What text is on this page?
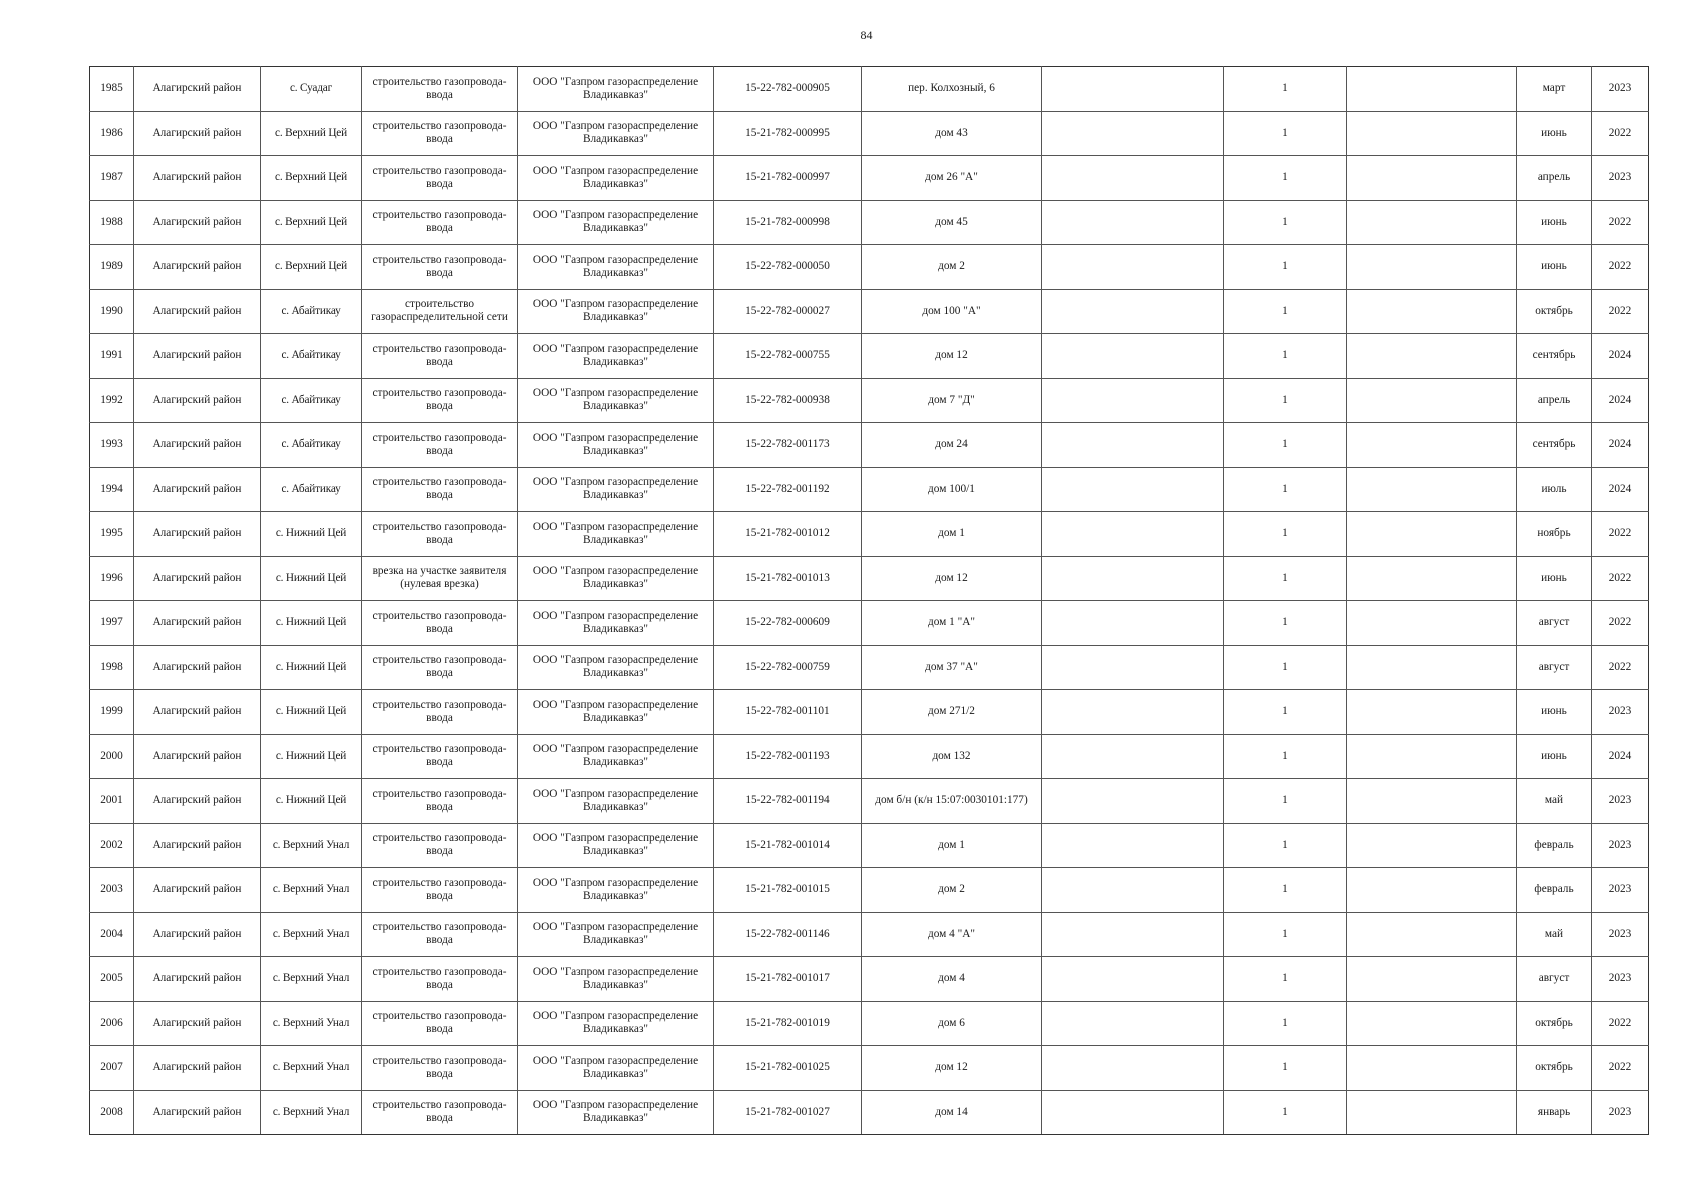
84
1985	Алагирский район	с. Суадаг	строительство газопровода-ввода	ООО "Газпром газораспределение Владикавказ"	15-22-782-000905	пер. Колхозный, 6		1		март	2023
1986	Алагирский район	с. Верхний Цей	строительство газопровода-ввода	ООО "Газпром газораспределение Владикавказ"	15-21-782-000995	дом 43		1		июнь	2022
1987	Алагирский район	с. Верхний Цей	строительство газопровода-ввода	ООО "Газпром газораспределение Владикавказ"	15-21-782-000997	дом 26 "А"		1		апрель	2023
1988	Алагирский район	с. Верхний Цей	строительство газопровода-ввода	ООО "Газпром газораспределение Владикавказ"	15-21-782-000998	дом 45		1		июнь	2022
1989	Алагирский район	с. Верхний Цей	строительство газопровода-ввода	ООО "Газпром газораспределение Владикавказ"	15-22-782-000050	дом 2		1		июнь	2022
1990	Алагирский район	с. Абайтикау	строительство газораспределительной сети	ООО "Газпром газораспределение Владикавказ"	15-22-782-000027	дом 100 "А"		1		октябрь	2022
1991	Алагирский район	с. Абайтикау	строительство газопровода-ввода	ООО "Газпром газораспределение Владикавказ"	15-22-782-000755	дом 12		1		сентябрь	2024
1992	Алагирский район	с. Абайтикау	строительство газопровода-ввода	ООО "Газпром газораспределение Владикавказ"	15-22-782-000938	дом 7 "Д"		1		апрель	2024
1993	Алагирский район	с. Абайтикау	строительство газопровода-ввода	ООО "Газпром газораспределение Владикавказ"	15-22-782-001173	дом 24		1		сентябрь	2024
1994	Алагирский район	с. Абайтикау	строительство газопровода-ввода	ООО "Газпром газораспределение Владикавказ"	15-22-782-001192	дом 100/1		1		июль	2024
1995	Алагирский район	с. Нижний Цей	строительство газопровода-ввода	ООО "Газпром газораспределение Владикавказ"	15-21-782-001012	дом 1		1		ноябрь	2022
1996	Алагирский район	с. Нижний Цей	врезка на участке заявителя (нулевая врезка)	ООО "Газпром газораспределение Владикавказ"	15-21-782-001013	дом 12		1		июнь	2022
1997	Алагирский район	с. Нижний Цей	строительство газопровода-ввода	ООО "Газпром газораспределение Владикавказ"	15-22-782-000609	дом 1 "А"		1		август	2022
1998	Алагирский район	с. Нижний Цей	строительство газопровода-ввода	ООО "Газпром газораспределение Владикавказ"	15-22-782-000759	дом 37 "А"		1		август	2022
1999	Алагирский район	с. Нижний Цей	строительство газопровода-ввода	ООО "Газпром газораспределение Владикавказ"	15-22-782-001101	дом 271/2		1		июнь	2023
2000	Алагирский район	с. Нижний Цей	строительство газопровода-ввода	ООО "Газпром газораспределение Владикавказ"	15-22-782-001193	дом 132		1		июнь	2024
2001	Алагирский район	с. Нижний Цей	строительство газопровода-ввода	ООО "Газпром газораспределение Владикавказ"	15-22-782-001194	дом б/н (к/н 15:07:0030101:177)		1		май	2023
2002	Алагирский район	с. Верхний Унал	строительство газопровода-ввода	ООО "Газпром газораспределение Владикавказ"	15-21-782-001014	дом 1		1		февраль	2023
2003	Алагирский район	с. Верхний Унал	строительство газопровода-ввода	ООО "Газпром газораспределение Владикавказ"	15-21-782-001015	дом 2		1		февраль	2023
2004	Алагирский район	с. Верхний Унал	строительство газопровода-ввода	ООО "Газпром газораспределение Владикавказ"	15-22-782-001146	дом 4 "А"		1		май	2023
2005	Алагирский район	с. Верхний Унал	строительство газопровода-ввода	ООО "Газпром газораспределение Владикавказ"	15-21-782-001017	дом 4		1		август	2023
2006	Алагирский район	с. Верхний Унал	строительство газопровода-ввода	ООО "Газпром газораспределение Владикавказ"	15-21-782-001019	дом 6		1		октябрь	2022
2007	Алагирский район	с. Верхний Унал	строительство газопровода-ввода	ООО "Газпром газораспределение Владикавказ"	15-21-782-001025	дом 12		1		октябрь	2022
2008	Алагирский район	с. Верхний Унал	строительство газопровода-ввода	ООО "Газпром газораспределение Владикавказ"	15-21-782-001027	дом 14		1		январь	2023
